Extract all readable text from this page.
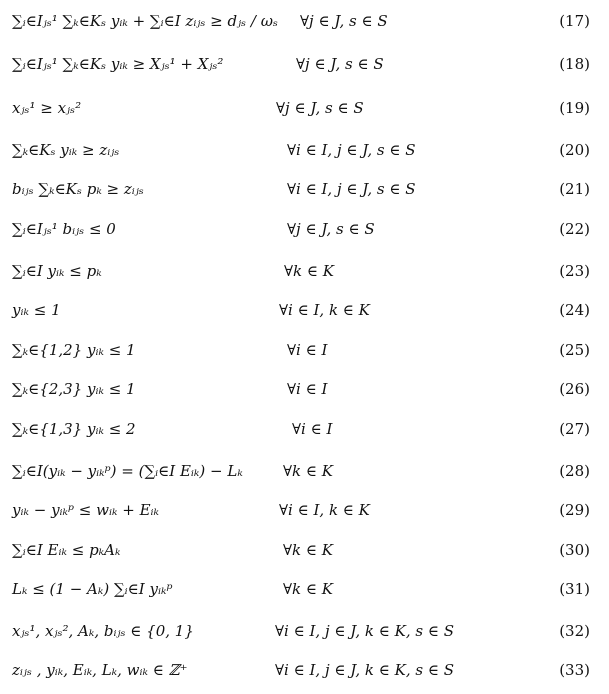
∑ᵢ∈Iⱼₛ¹ ∑ₖ∈Kₛ yᵢₖ + ∑ᵢ∈I zᵢⱼₛ ≥ dⱼₛ / ωₛ ∀j ∈ J, s ∈ S	(17)
∑ᵢ∈Iⱼₛ¹ ∑ₖ∈Kₛ yᵢₖ ≥ Xⱼₛ¹ + Xⱼₛ²	∀j ∈ J, s ∈ S	(18)
xⱼₛ¹ ≥ xⱼₛ²	∀j ∈ J, s ∈ S	(19)
∑ₖ∈Kₛ yᵢₖ ≥ zᵢⱼₛ	∀i ∈ I, j ∈ J, s ∈ S	(20)
bᵢⱼₛ ∑ₖ∈Kₛ pₖ ≥ zᵢⱼₛ	∀i ∈ I, j ∈ J, s ∈ S	(21)
∑ᵢ∈Iⱼₛ¹ bᵢⱼₛ ≤ 0	∀j ∈ J, s ∈ S	(22)
∑ᵢ∈I yᵢₖ ≤ pₖ	∀k ∈ K	(23)
yᵢₖ ≤ 1	∀i ∈ I, k ∈ K	(24)
∑ₖ∈{1,2} yᵢₖ ≤ 1	∀i ∈ I	(25)
∑ₖ∈{2,3} yᵢₖ ≤ 1	∀i ∈ I	(26)
∑ₖ∈{1,3} yᵢₖ ≤ 2	∀i ∈ I	(27)
∑ᵢ∈I(yᵢₖ − yᵢₖᵖ) = (∑ᵢ∈I Eᵢₖ) − Lₖ	∀k ∈ K	(28)
yᵢₖ − yᵢₖᵖ ≤ wᵢₖ + Eᵢₖ	∀i ∈ I, k ∈ K	(29)
∑ᵢ∈I Eᵢₖ ≤ pₖAₖ	∀k ∈ K	(30)
Lₖ ≤ (1 − Aₖ) ∑ᵢ∈I yᵢₖᵖ	∀k ∈ K	(31)
xⱼₛ¹, xⱼₛ², Aₖ, bᵢⱼₛ ∈ {0, 1}	∀i ∈ I, j ∈ J, k ∈ K, s ∈ S	(32)
zᵢⱼₛ , yᵢₖ, Eᵢₖ, Lₖ, wᵢₖ ∈ ℤ⁺	∀i ∈ I, j ∈ J, k ∈ K, s ∈ S	(33)
